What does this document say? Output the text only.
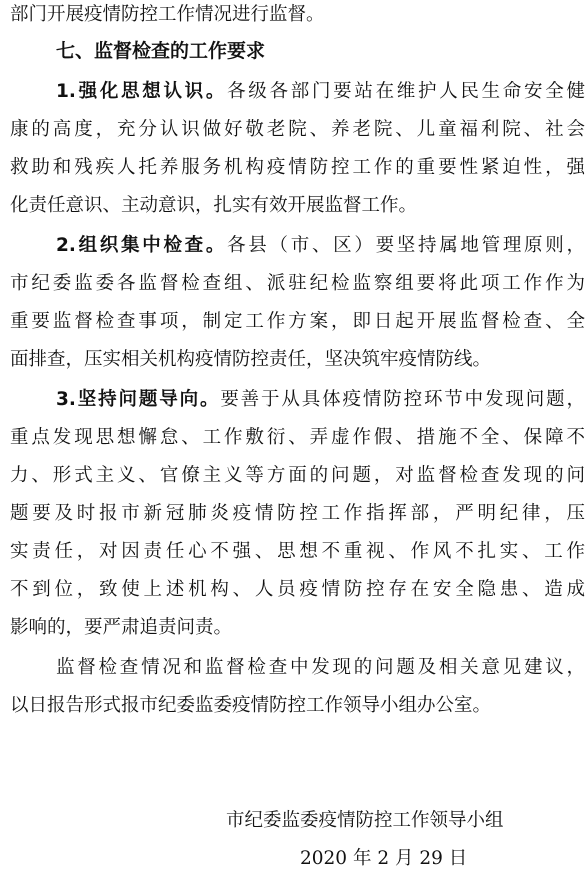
部门开展疫情防控工作情况进行监督。
七、监督检查的工作要求
1.强化思想认识。各级各部门要站在维护人民生命安全健
康的高度，充分认识做好敬老院、养老院、儿童福利院、社会
救助和残疾人托养服务机构疫情防控工作的重要性紧迫性，强
化责任意识、主动意识，扎实有效开展监督工作。
2.组织集中检查。各县（市、区）要坚持属地管理原则，
市纪委监委各监督检查组、派驻纪检监察组要将此项工作作为
重要监督检查事项，制定工作方案，即日起开展监督检查、全
面排查，压实相关机构疫情防控责任，坚决筑牢疫情防线。
3.坚持问题导向。要善于从具体疫情防控环节中发现问题，
重点发现思想懈怠、工作敷衍、弄虚作假、措施不全、保障不
力、形式主义、官僚主义等方面的问题，对监督检查发现的问
题要及时报市新冠肺炎疫情防控工作指挥部，严明纪律，压
实责任，对因责任心不强、思想不重视、作风不扎实、工作
不到位，致使上述机构、人员疫情防控存在安全隐患、造成
影响的，要严肃追责问责。
监督检查情况和监督检查中发现的问题及相关意见建议，
以日报告形式报市纪委监委疫情防控工作领导小组办公室。
市纪委监委疫情防控工作领导小组
2020 年 2 月 29 日
